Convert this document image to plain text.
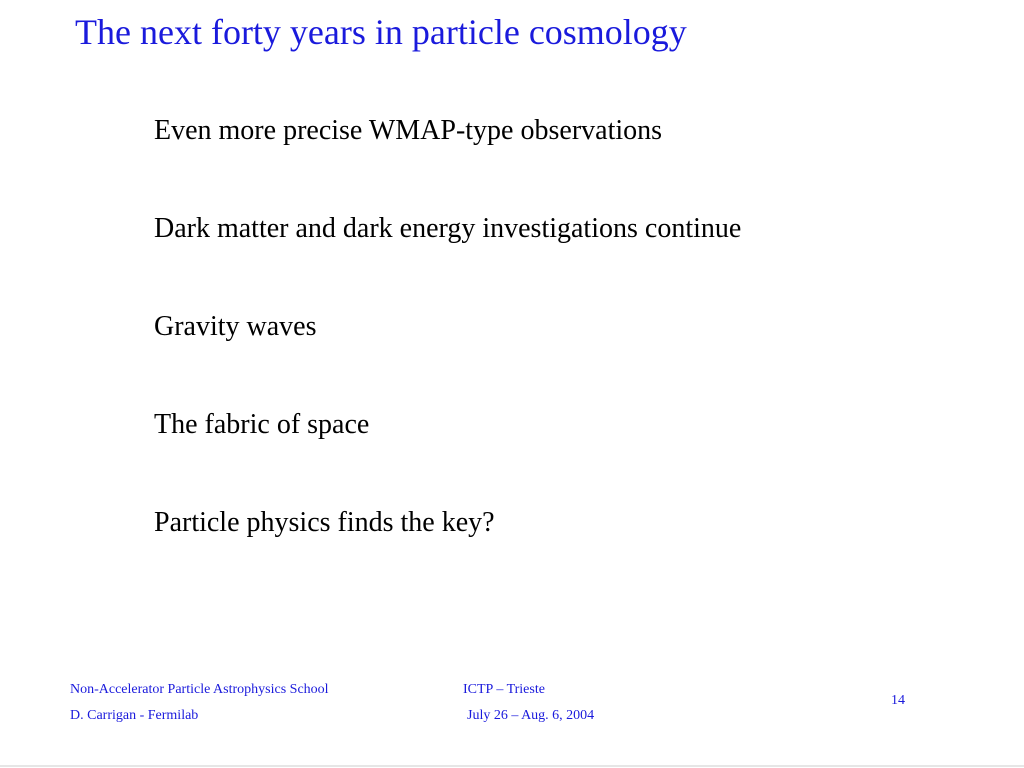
The next forty years in particle cosmology
Even more precise WMAP-type observations
Dark matter and dark energy investigations continue
Gravity waves
The fabric of space
Particle physics finds the key?
Non-Accelerator Particle Astrophysics School
D. Carrigan - Fermilab
ICTP – Trieste
July 26 – Aug. 6, 2004
14
